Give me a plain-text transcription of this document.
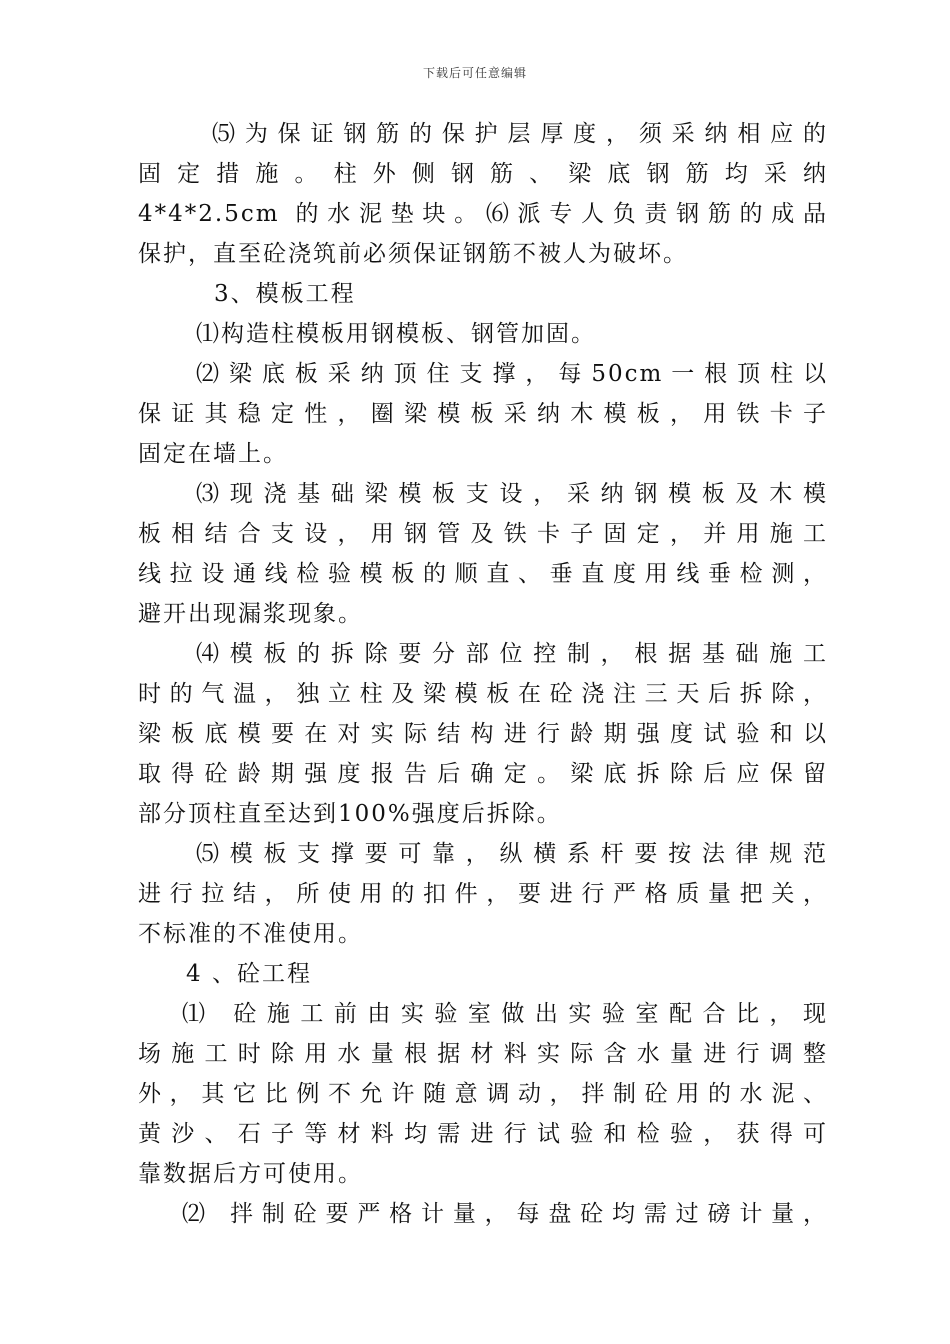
下载后可任意编辑
⑸为保证钢筋的保护层厚度，须采纳相应的
固定措施。柱外侧钢筋、梁底钢筋均采纳
4*4*2.5cm 的水泥垫块。⑹派专人负责钢筋的成品
保护，直至砼浇筑前必须保证钢筋不被人为破坏。
3、模板工程
⑴构造柱模板用钢模板、钢管加固。
⑵梁底板采纳顶住支撑，每50cm一根顶柱以
保证其稳定性，圈梁模板采纳木模板，用铁卡子
固定在墙上。
⑶现浇基础梁模板支设，采纳钢模板及木模
板相结合支设，用钢管及铁卡子固定，并用施工
线拉设通线检验模板的顺直、垂直度用线垂检测，
避开出现漏浆现象。
⑷模板的拆除要分部位控制，根据基础施工
时的气温，独立柱及梁模板在砼浇注三天后拆除，
梁板底模要在对实际结构进行龄期强度试验和以
取得砼龄期强度报告后确定。梁底拆除后应保留
部分顶柱直至达到100%强度后拆除。
⑸模板支撑要可靠，纵横系杆要按法律规范
进行拉结，所使用的扣件，要进行严格质量把关，
不标准的不准使用。
4 、砼工程
⑴ 砼施工前由实验室做出实验室配合比，现
场施工时除用水量根据材料实际含水量进行调整
外，其它比例不允许随意调动，拌制砼用的水泥、
黄沙、石子等材料均需进行试验和检验，获得可
靠数据后方可使用。
⑵ 拌制砼要严格计量，每盘砼均需过磅计量，
